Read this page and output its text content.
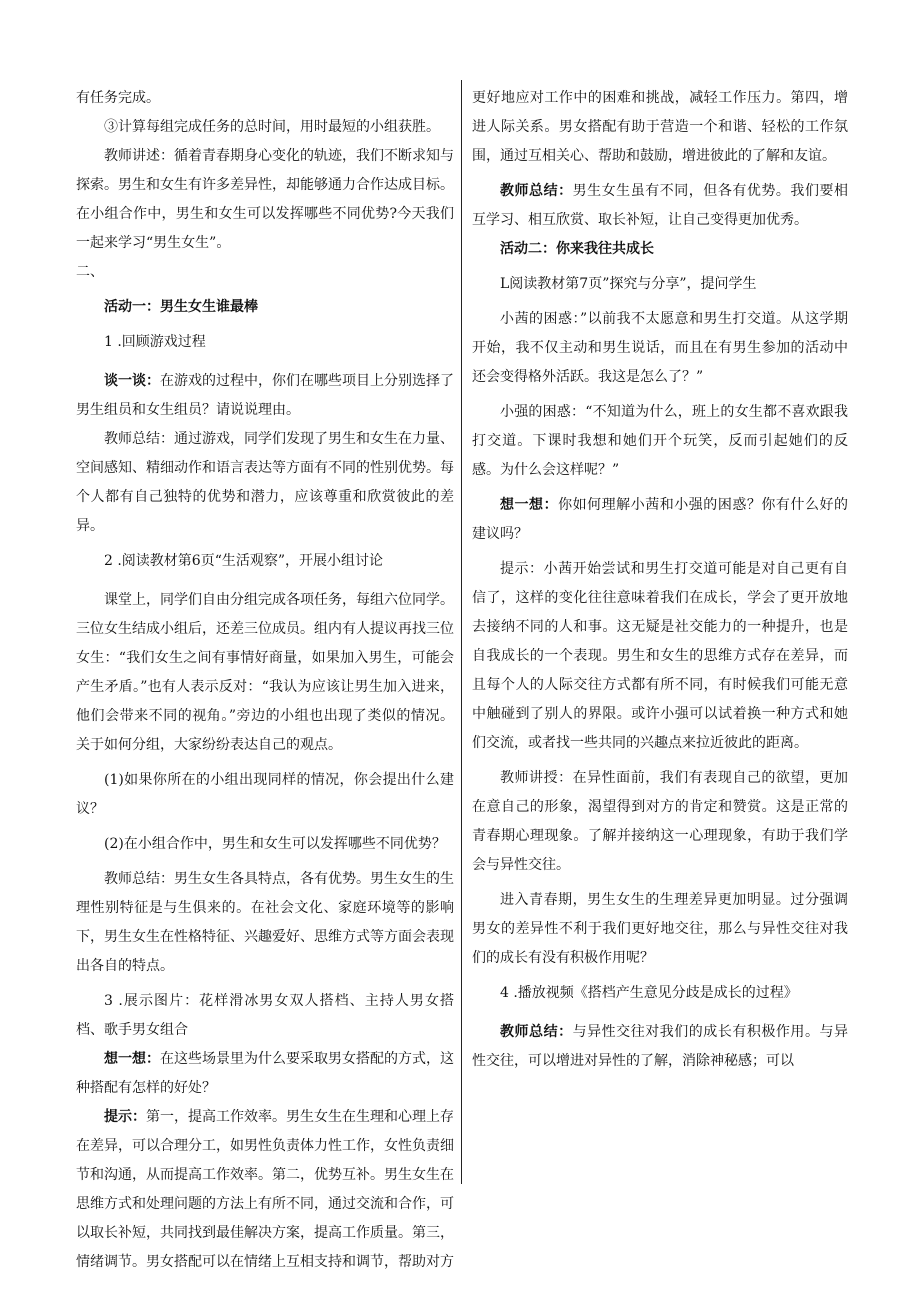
有任务完成。

③计算每组完成任务的总时间，用时最短的小组获胜。

教师讲述：循着青春期身心变化的轨迹，我们不断求知与探索。男生和女生有许多差异性，却能够通力合作达成目标。在小组合作中，男生和女生可以发挥哪些不同优势?今天我们一起来学习“男生女生”。

二、

活动一：男生女生谁最棒

1 .回顾游戏过程

谈一谈：在游戏的过程中，你们在哪些项目上分别选择了男生组员和女生组员？请说说理由。

教师总结：通过游戏，同学们发现了男生和女生在力量、空间感知、精细动作和语言表达等方面有不同的性别优势。每个人都有自己独特的优势和潜力，应该尊重和欣赏彼此的差异。

2 .阅读教材第6页“生活观察”，开展小组讨论

课堂上，同学们自由分组完成各项任务，每组六位同学。三位女生结成小组后，还差三位成员。组内有人提议再找三位女生：“我们女生之间有事情好商量，如果加入男生，可能会产生矛盾。”也有人表示反对：“我认为应该让男生加入进来，他们会带来不同的视角。”旁边的小组也出现了类似的情况。关于如何分组，大家纷纷表达自己的观点。

(1)如果你所在的小组出现同样的情况，你会提出什么建议？

(2)在小组合作中，男生和女生可以发挥哪些不同优势？

教师总结：男生女生各具特点，各有优势。男生女生的生理性别特征是与生俱来的。在社会文化、家庭环境等的影响下，男生女生在性格特征、兴趣爱好、思维方式等方面会表现出各自的特点。

3 .展示图片：花样滑冰男女双人搭档、主持人男女搭档、歌手男女组合

想一想：在这些场景里为什么要采取男女搭配的方式，这种搭配有怎样的好处？

提示：第一，提高工作效率。男生女生在生理和心理上存在差异，可以合理分工，如男性负责体力性工作，女性负责细节和沟通，从而提高工作效率。第二，优势互补。男生女生在思维方式和处理问题的方法上有所不同，通过交流和合作，可以取长补短，共同找到最佳解决方案，提高工作质量。第三，情绪调节。男女搭配可以在情绪上互相支持和调节，帮助对方

更好地应对工作中的困难和挑战，减轻工作压力。第四，增进人际关系。男女搭配有助于营造一个和谐、轻松的工作氛围，通过互相关心、帮助和鼓励，增进彼此的了解和友谊。

教师总结：男生女生虽有不同，但各有优势。我们要相互学习、相互欣赏、取长补短，让自己变得更加优秀。

活动二：你来我往共成长

L阅读教材第7页”探究与分享”，提问学生

小茜的困惑：”以前我不太愿意和男生打交道。从这学期开始，我不仅主动和男生说话，而且在有男生参加的活动中还会变得格外活跃。我这是怎么了？”

小强的困惑：“不知道为什么，班上的女生都不喜欢跟我打交道。下课时我想和她们开个玩笑，反而引起她们的反感。为什么会这样呢？”

想一想：你如何理解小茜和小强的困惑？你有什么好的建议吗？

提示：小茜开始尝试和男生打交道可能是对自己更有自信了，这样的变化往往意味着我们在成长，学会了更开放地去接纳不同的人和事。这无疑是社交能力的一种提升，也是自我成长的一个表现。男生和女生的思维方式存在差异，而且每个人的人际交往方式都有所不同，有时候我们可能无意中触碰到了别人的界限。或许小强可以试着换一种方式和她们交流，或者找一些共同的兴趣点来拉近彼此的距离。

教师讲授：在异性面前，我们有表现自己的欲望，更加在意自己的形象，渴望得到对方的肯定和赞赏。这是正常的青春期心理现象。了解并接纳这一心理现象，有助于我们学会与异性交往。

进入青春期，男生女生的生理差异更加明显。过分强调男女的差异性不利于我们更好地交往，那么与异性交往对我们的成长有没有积极作用呢？

4 .播放视频《搭档产生意见分歧是成长的过程》

教师总结：与异性交往对我们的成长有积极作用。与异性交往，可以增进对异性的了解，消除神秘感；可以
